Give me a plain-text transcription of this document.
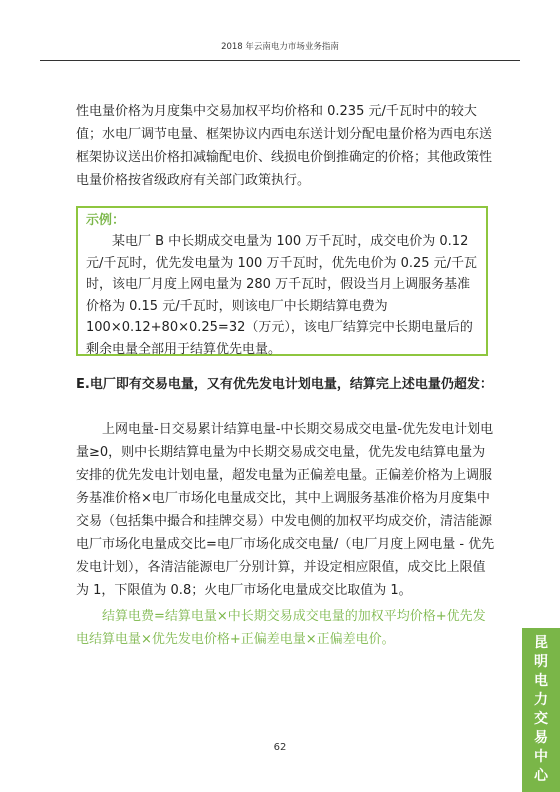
2018 年云南电力市场业务指南
性电量价格为月度集中交易加权平均价格和 0.235 元/千瓦时中的较大值；水电厂调节电量、框架协议内西电东送计划分配电量价格为西电东送框架协议送出价格扣减输配电价、线损电价倒推确定的价格；其他政策性电量价格按省级政府有关部门政策执行。
示例：
某电厂 B 中长期成交电量为 100 万千瓦时，成交电价为 0.12 元/千瓦时，优先发电量为 100 万千瓦时，优先电价为 0.25 元/千瓦时，该电厂月度上网电量为 280 万千瓦时，假设当月上调服务基准价格为 0.15 元/千瓦时，则该电厂中长期结算电费为 100×0.12+80×0.25=32（万元），该电厂结算完中长期电量后的剩余电量全部用于结算优先电量。
E.电厂即有交易电量，又有优先发电计划电量，结算完上述电量仍超发：
上网电量-日交易累计结算电量-中长期交易成交电量-优先发电计划电量≥0，则中长期结算电量为中长期交易成交电量，优先发电结算电量为安排的优先发电计划电量，超发电量为正偏差电量。正偏差价格为上调服务基准价格×电厂市场化电量成交比，其中上调服务基准价格为月度集中交易（包括集中撮合和挂牌交易）中发电侧的加权平均成交价，清洁能源电厂市场化电量成交比=电厂市场化成交电量/（电厂月度上网电量 - 优先发电计划），各清洁能源电厂分别计算，并设定相应限值，成交比上限值为 1，下限值为 0.8；火电厂市场化电量成交比取值为 1。
结算电费=结算电量×中长期交易成交电量的加权平均价格+优先发电结算电量×优先发电价格+正偏差电量×正偏差电价。	昆
明
电
力
交
易
中
心
62
